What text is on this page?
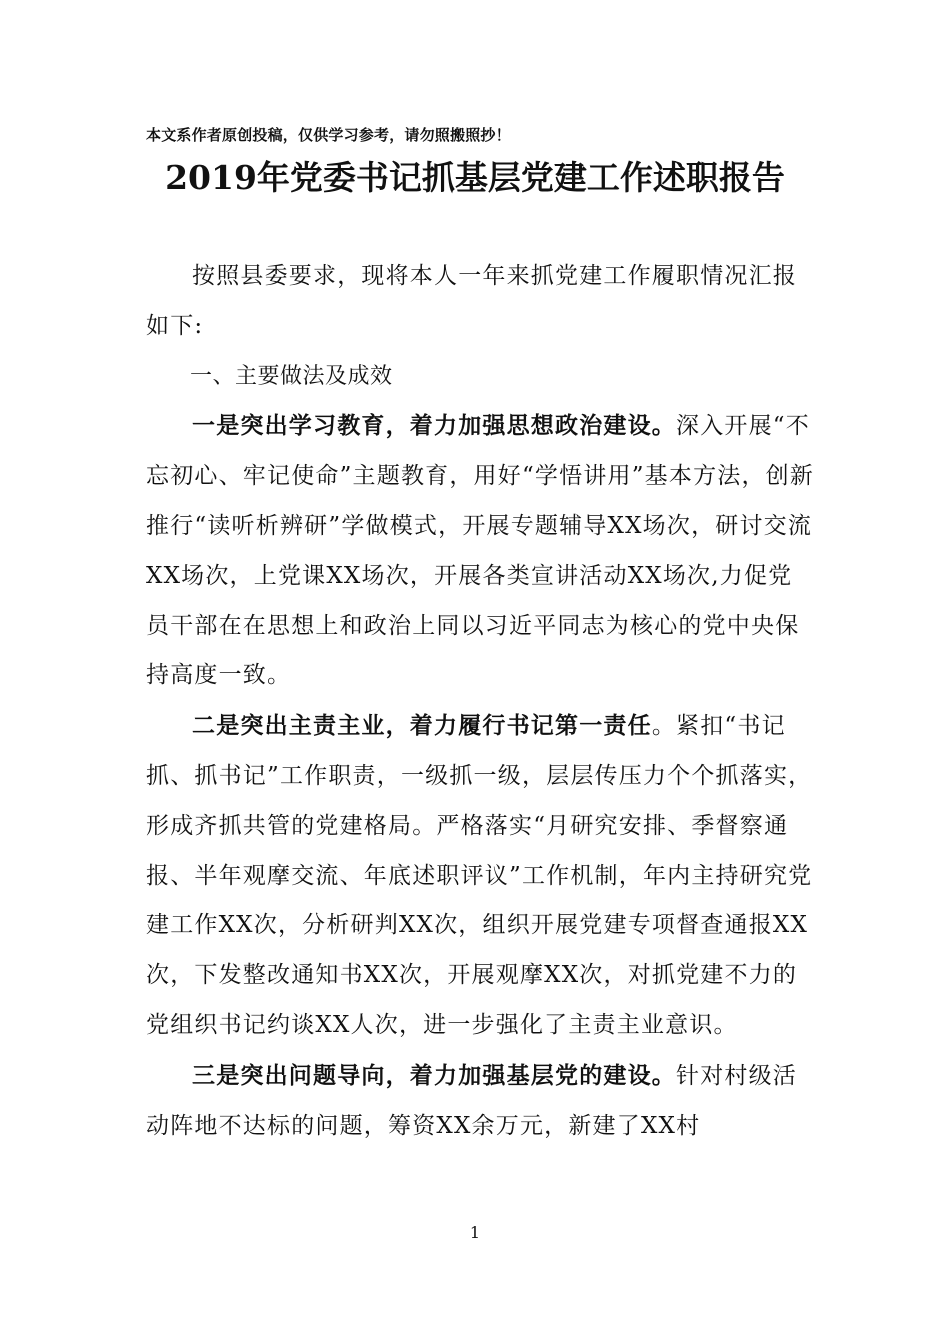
本文系作者原创投稿，仅供学习参考，请勿照搬照抄！
2019年党委书记抓基层党建工作述职报告

按照县委要求，现将本人一年来抓党建工作履职情况汇报如下:

一、主要做法及成效

一是突出学习教育，着力加强思想政治建设。深入开展“不忘初心、牢记使命”主题教育，用好“学悟讲用”基本方法，创新推行“读听析辨研”学做模式，开展专题辅导XX场次，研讨交流XX场次，上党课XX场次，开展各类宣讲活动XX场次,力促党员干部在在思想上和政治上同以习近平同志为核心的党中央保持高度一致。

二是突出主责主业，着力履行书记第一责任。紧扣“书记抓、抓书记”工作职责，一级抓一级，层层传压力个个抓落实，形成齐抓共管的党建格局。严格落实“月研究安排、季督察通报、半年观摩交流、年底述职评议”工作机制，年内主持研究党建工作XX次，分析研判XX次，组织开展党建专项督查通报XX次，下发整改通知书XX次，开展观摩XX次，对抓党建不力的党组织书记约谈XX人次，进一步强化了主责主业意识。

三是突出问题导向，着力加强基层党的建设。针对村级活动阵地不达标的问题，筹资XX余万元，新建了XX村

1
